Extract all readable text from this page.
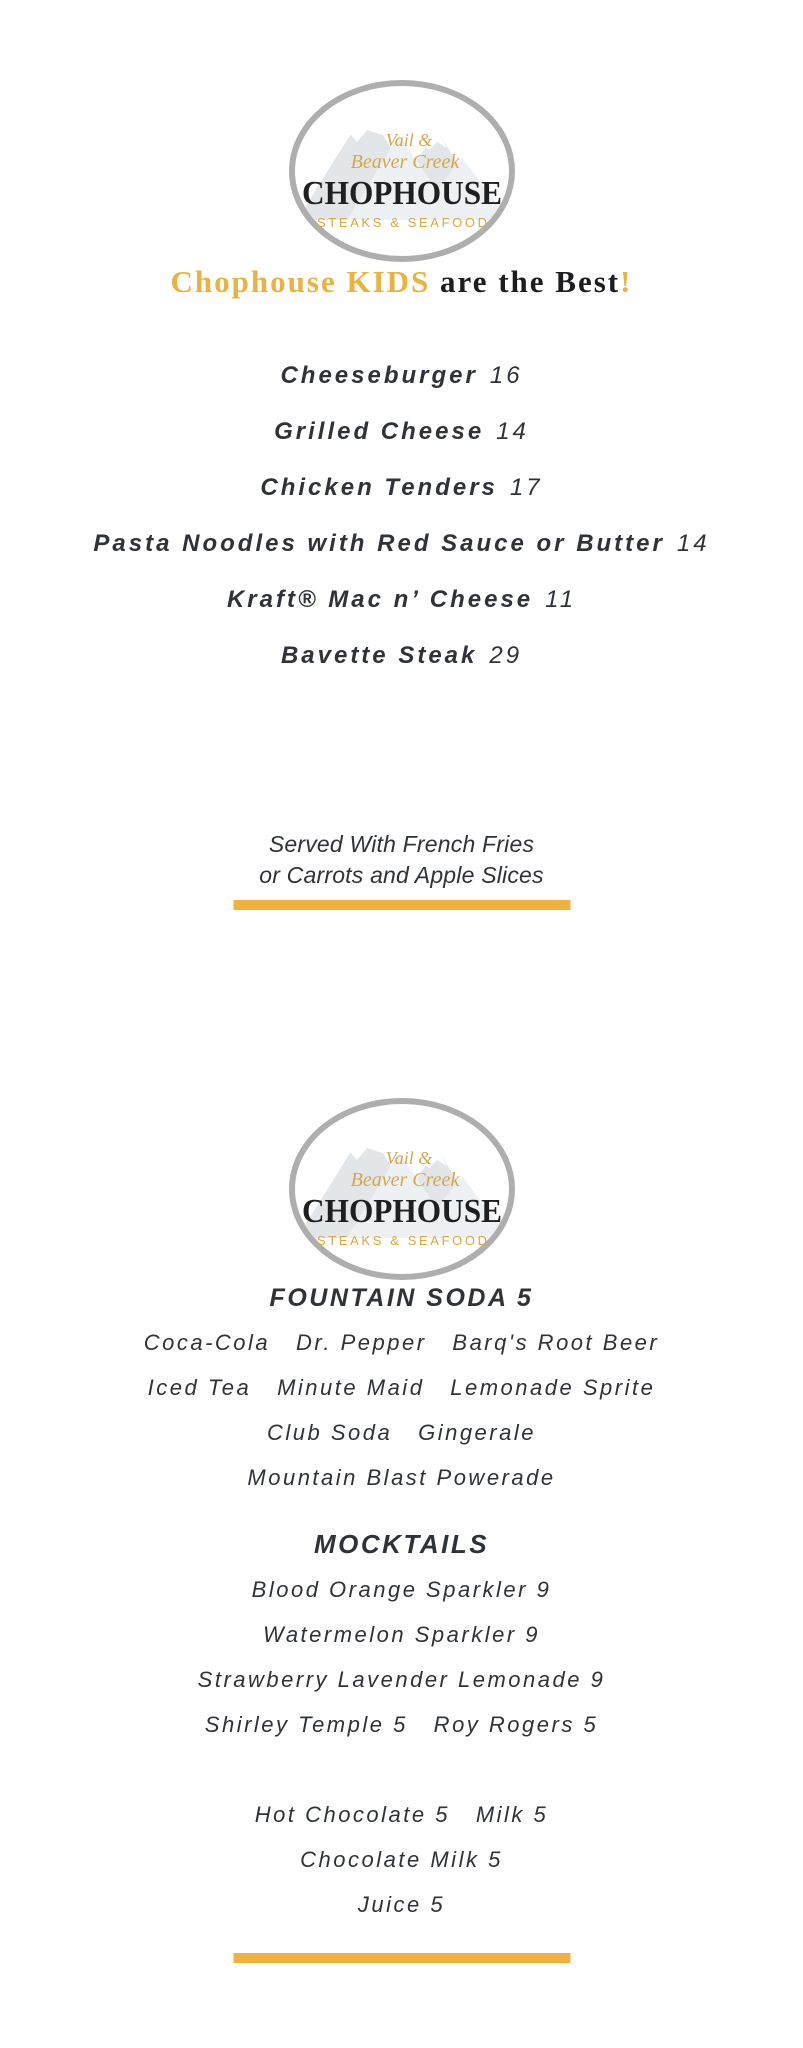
Vail &
Beaver Creek
CHOPHOUSE
STEAKS & SEAFOOD
Chophouse KIDS are the Best!
Cheeseburger 16
Grilled Cheese 14
Chicken Tenders 17
Pasta Noodles with Red Sauce or Butter 14
Kraft® Mac n’ Cheese 11
Bavette Steak 29
Served With French Fries
or Carrots and Apple Slices
Vail &
Beaver Creek
CHOPHOUSE
STEAKS & SEAFOOD
FOUNTAIN SODA 5
Coca-Cola   Dr. Pepper   Barq's Root Beer
Iced Tea   Minute Maid   Lemonade Sprite
Club Soda   Gingerale
Mountain Blast Powerade
MOCKTAILS
Blood Orange Sparkler 9
Watermelon Sparkler 9
Strawberry Lavender Lemonade 9
Shirley Temple 5   Roy Rogers 5
Hot Chocolate 5   Milk 5
Chocolate Milk 5
Juice 5
